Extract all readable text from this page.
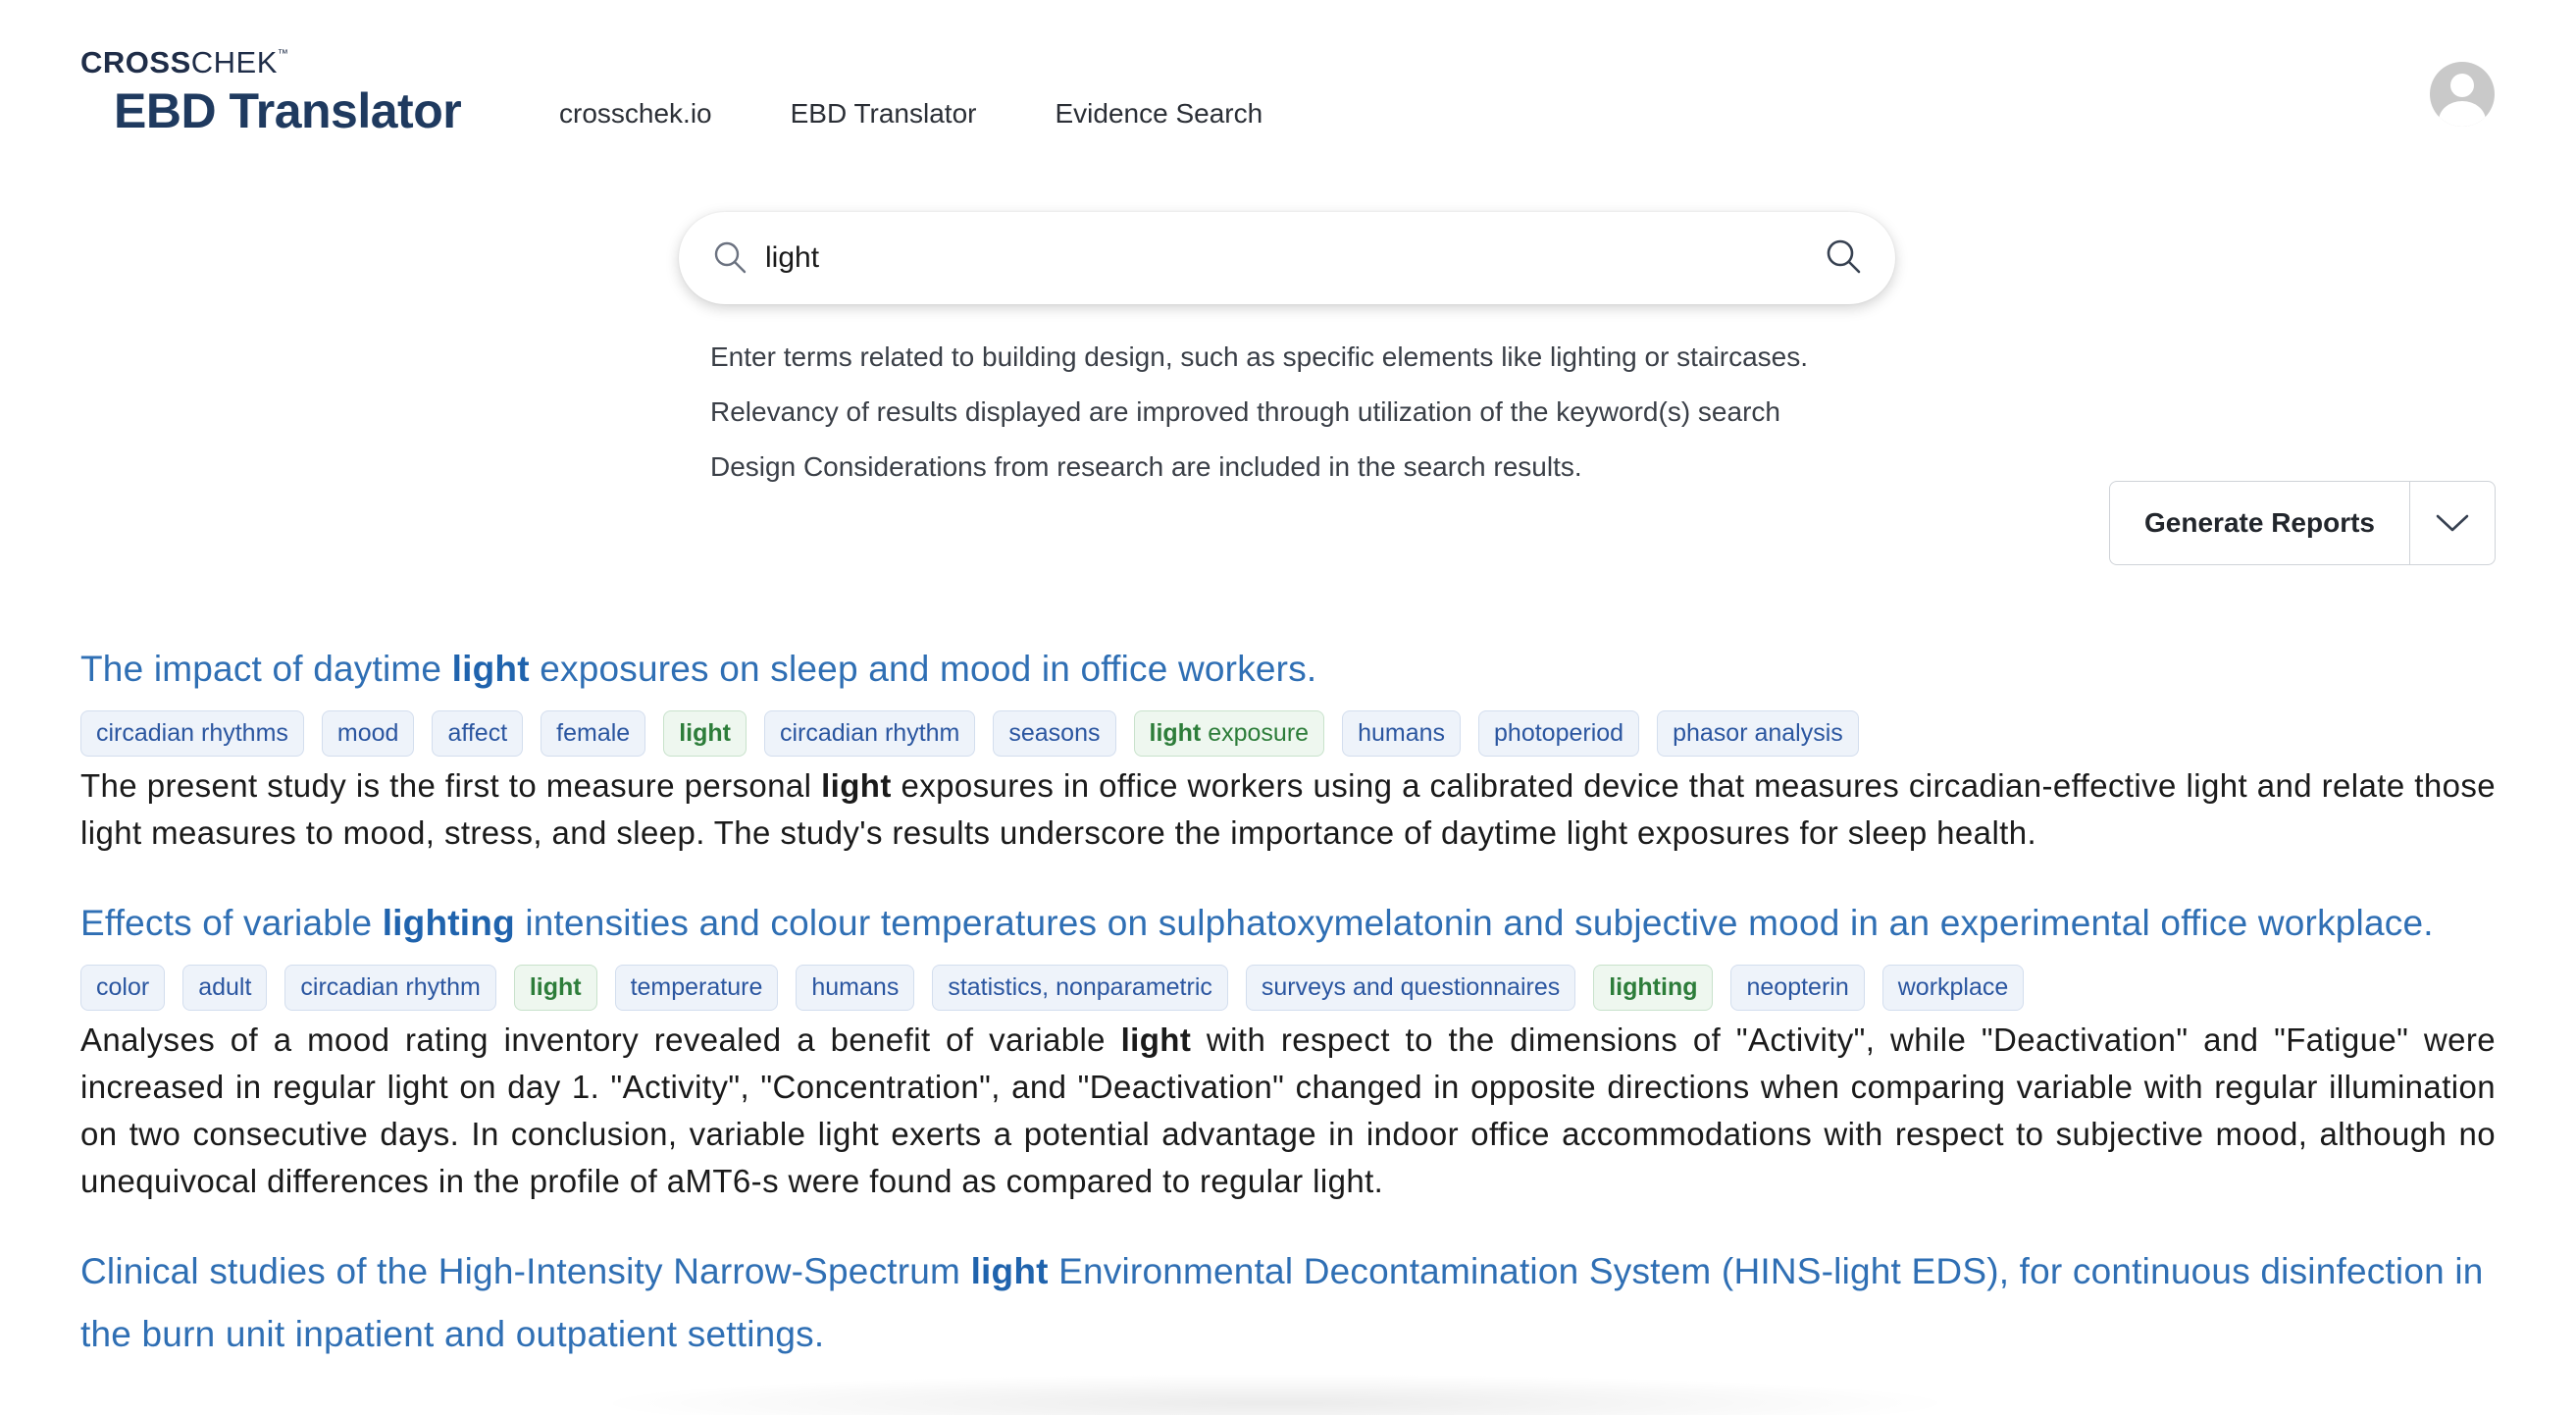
CROSSCHEK™
EBD Translator	crosschek.io	EBD Translator	Evidence Search
light

Enter terms related to building design, such as specific elements like lighting or staircases.

Relevancy of results displayed are improved through utilization of the keyword(s) search

Design Considerations from research are included in the search results.

Generate Reports
The impact of daytime light exposures on sleep and mood in office workers.
circadian rhythms	mood	affect	female	light	circadian rhythm	seasons	light exposure	humans	photoperiod	phasor analysis
The present study is the first to measure personal light exposures in office workers using a calibrated device that measures circadian-effective light and relate those light measures to mood, stress, and sleep. The study's results underscore the importance of daytime light exposures for sleep health.
Effects of variable lighting intensities and colour temperatures on sulphatoxymelatonin and subjective mood in an experimental office workplace.
color	adult	circadian rhythm	light	temperature	humans	statistics, nonparametric	surveys and questionnaires	lighting	neopterin	workplace
Analyses of a mood rating inventory revealed a benefit of variable light with respect to the dimensions of "Activity", while "Deactivation" and "Fatigue" were increased in regular light on day 1. "Activity", "Concentration", and "Deactivation" changed in opposite directions when comparing variable with regular illumination on two consecutive days. In conclusion, variable light exerts a potential advantage in indoor office accommodations with respect to subjective mood, although no unequivocal differences in the profile of aMT6-s were found as compared to regular light.
Clinical studies of the High-Intensity Narrow-Spectrum light Environmental Decontamination System (HINS-light EDS), for continuous disinfection in the burn unit inpatient and outpatient settings.
